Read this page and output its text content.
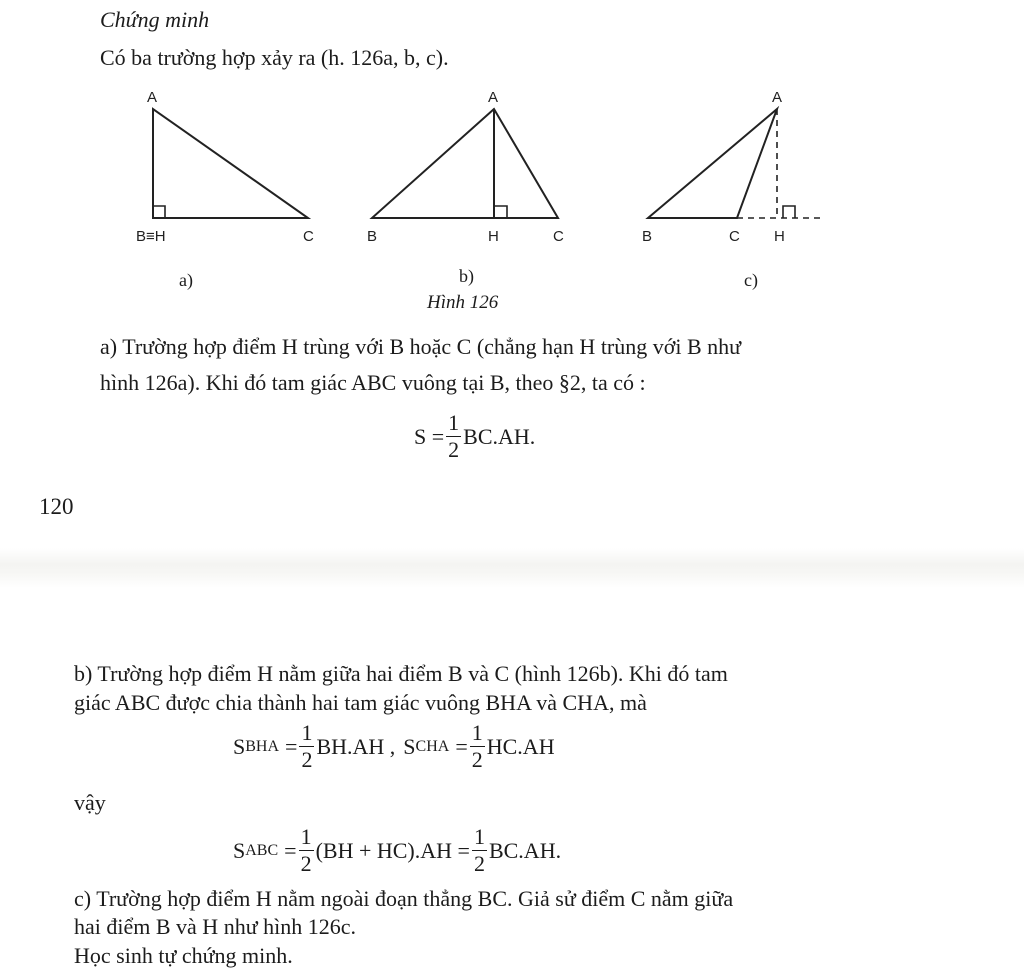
Chứng minh
Có ba trường hợp xảy ra (h. 126a, b, c).
A
B≡H	C
a)
A
B	H	C
b)
Hình 126
A
B	C H
c)
a) Trường hợp điểm H trùng với B hoặc C (chẳng hạn H trùng với B như
hình 126a). Khi đó tam giác ABC vuông tại B, theo §2, ta có :
$S = \frac{1}{2} BC.AH$.
120
b) Trường hợp điểm H nằm giữa hai điểm B và C (hình 126b). Khi đó tam
giác ABC được chia thành hai tam giác vuông BHA và CHA, mà
S BHA = $\frac{1}{2} BH.AH$ , S CHA = $\frac{1}{2} HC.AH$
vậy
S ABC = $\frac{1}{2} (BH + HC).AH = \frac{1}{2} BC.AH$.
c) Trường hợp điểm H nằm ngoài đoạn thẳng BC. Giả sử điểm C nằm giữa
hai điểm B và H như hình 126c.
Học sinh tự chứng minh.
